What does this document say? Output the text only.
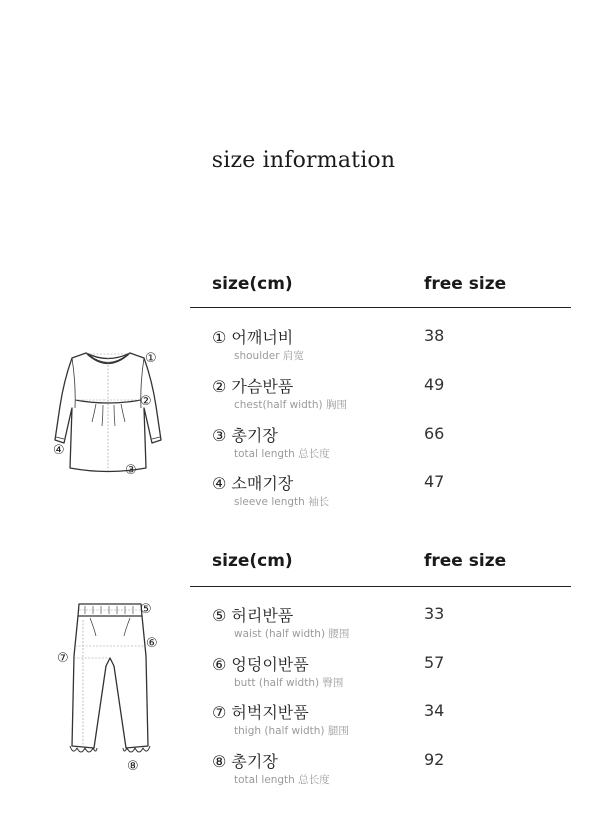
size information
size(cm)	free size
① 어깨너비
shoulder 肩宽
38
② 가슴반품
chest(half width) 胸围
49
③ 총기장
total length 总长度
66
④ 소매기장
sleeve length 袖长
47
①
②
③
④
size(cm)	free size
⑤ 허리반품
waist (half width) 腰围
33
⑥ 엉덩이반품
butt (half width) 臀围
57
⑦ 허벅지반품
thigh (half width) 腿围
34
⑧ 총기장
total length 总长度
92
⑤
⑥
⑦
⑧
